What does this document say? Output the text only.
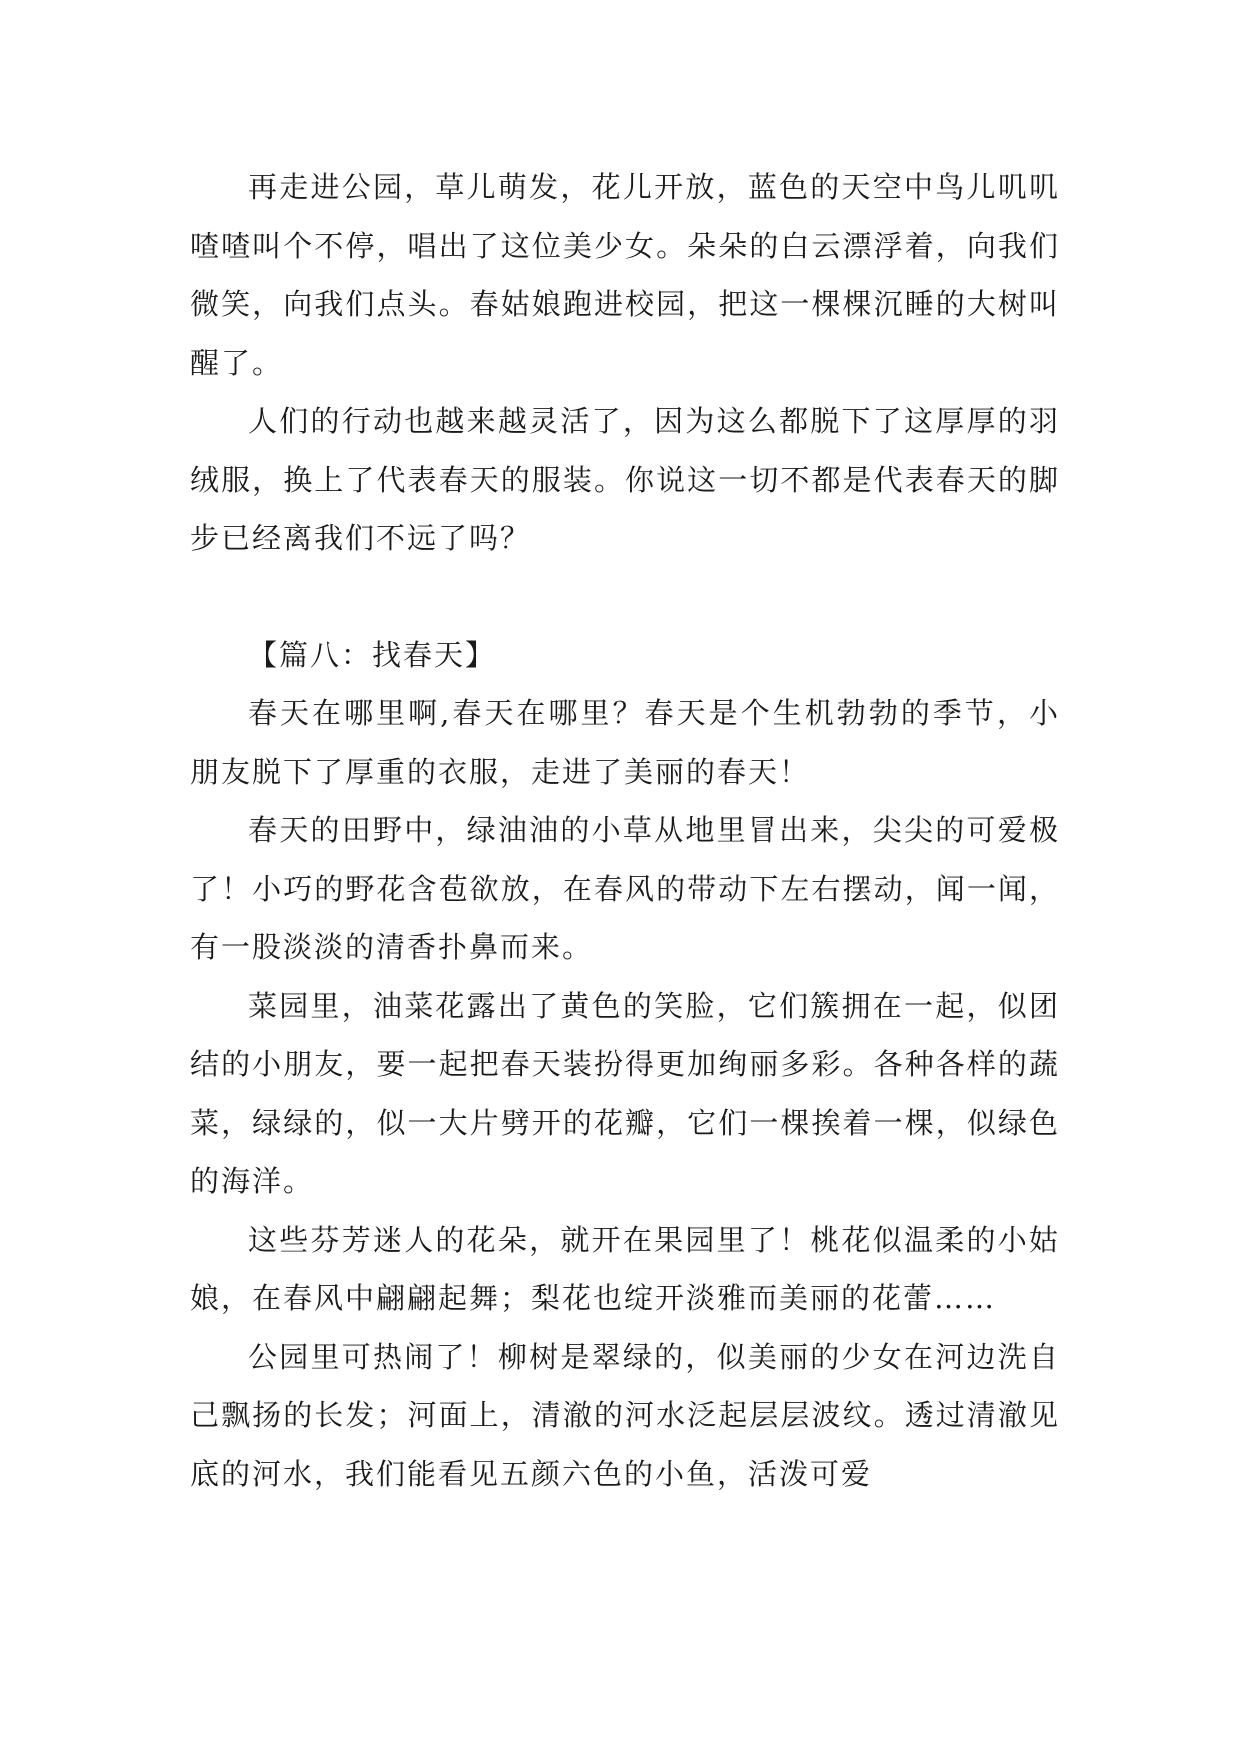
再走进公园，草儿萌发，花儿开放，蓝色的天空中鸟儿叽叽喳喳叫个不停，唱出了这位美少女。朵朵的白云漂浮着，向我们微笑，向我们点头。春姑娘跑进校园，把这一棵棵沉睡的大树叫醒了。

人们的行动也越来越灵活了，因为这么都脱下了这厚厚的羽绒服，换上了代表春天的服装。你说这一切不都是代表春天的脚步已经离我们不远了吗？

【篇八：找春天】

春天在哪里啊,春天在哪里？春天是个生机勃勃的季节，小朋友脱下了厚重的衣服，走进了美丽的春天！

春天的田野中，绿油油的小草从地里冒出来，尖尖的可爱极了！小巧的野花含苞欲放，在春风的带动下左右摆动，闻一闻，有一股淡淡的清香扑鼻而来。

菜园里，油菜花露出了黄色的笑脸，它们簇拥在一起，似团结的小朋友，要一起把春天装扮得更加绚丽多彩。各种各样的蔬菜，绿绿的，似一大片劈开的花瓣，它们一棵挨着一棵，似绿色的海洋。

这些芬芳迷人的花朵，就开在果园里了！桃花似温柔的小姑娘，在春风中翩翩起舞；梨花也绽开淡雅而美丽的花蕾……

公园里可热闹了！柳树是翠绿的，似美丽的少女在河边洗自己飘扬的长发；河面上，清澈的河水泛起层层波纹。透过清澈见底的河水，我们能看见五颜六色的小鱼，活泼可爱
